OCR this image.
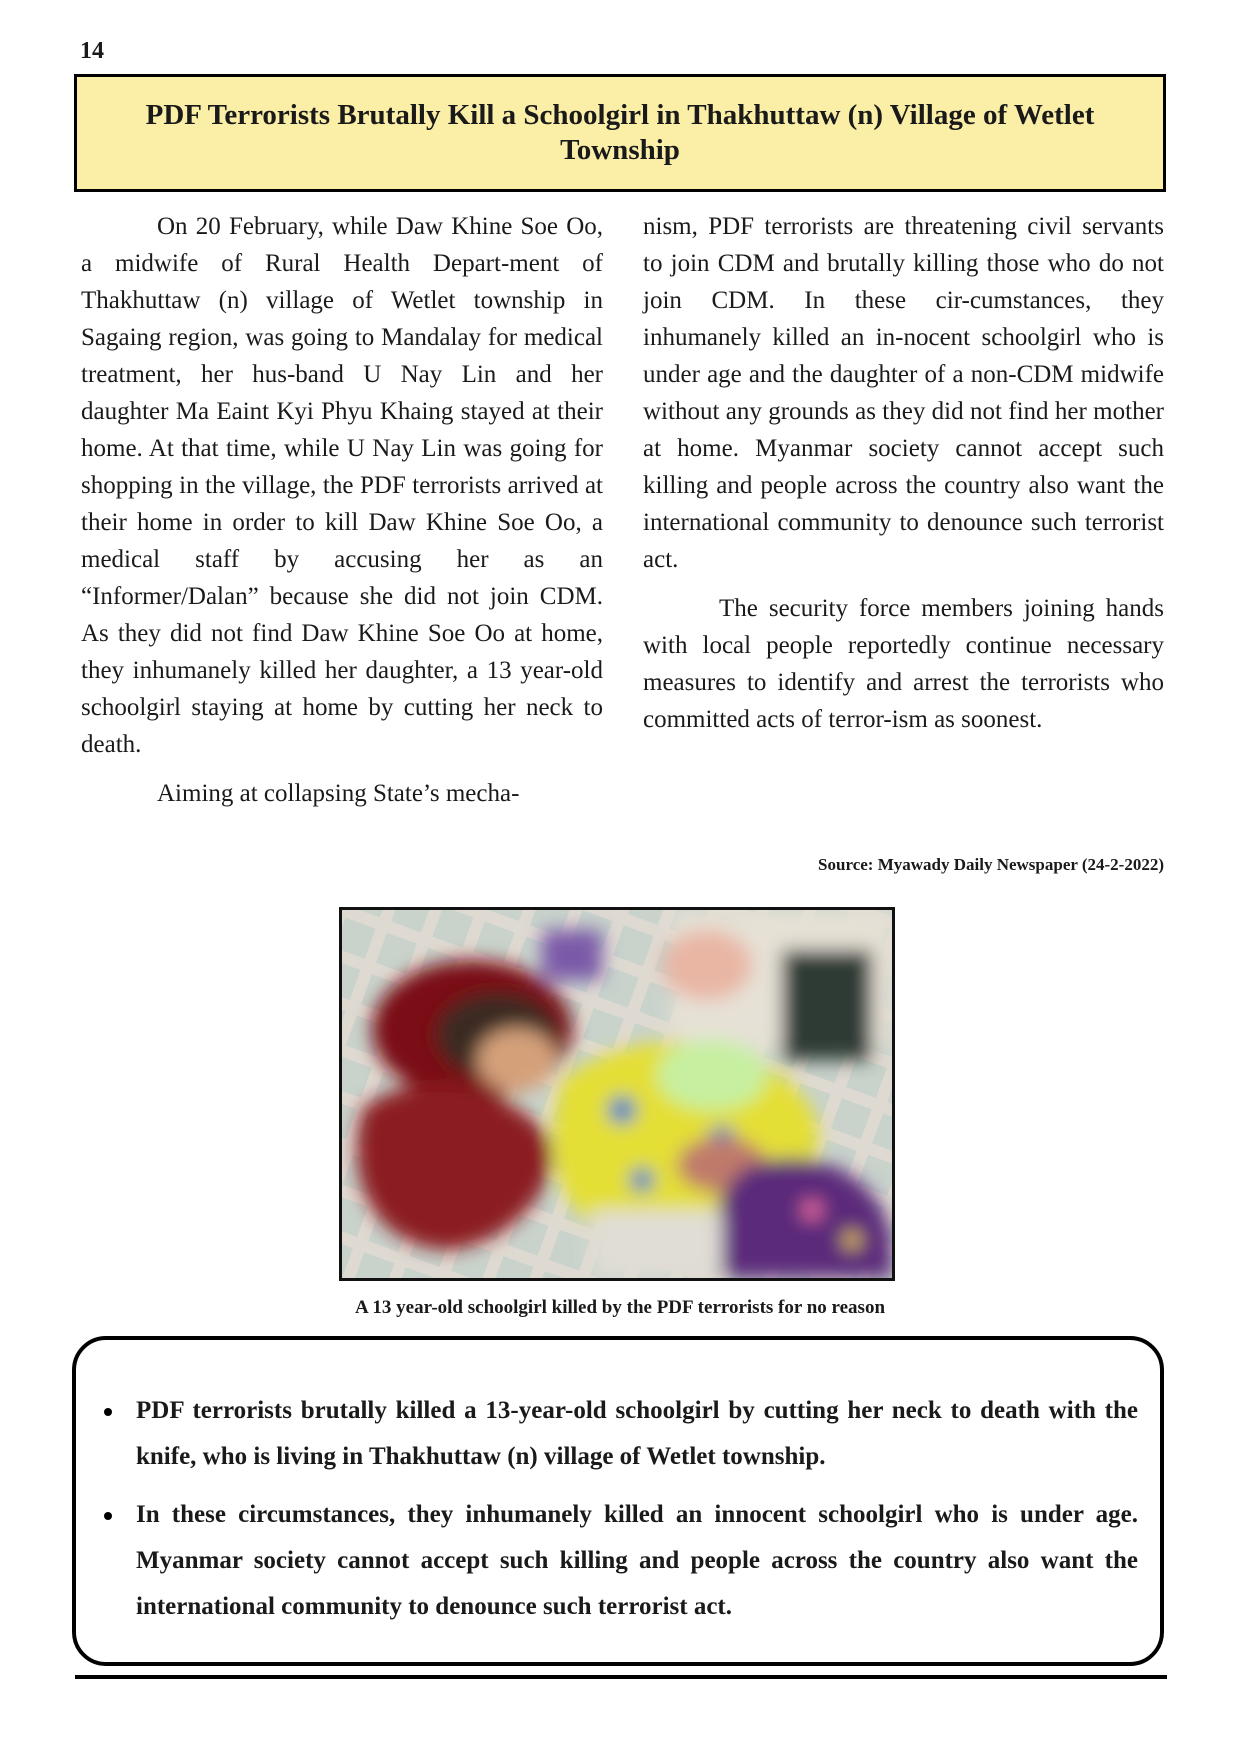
14
PDF Terrorists Brutally Kill a Schoolgirl in Thakhuttaw (n) Village of Wetlet Township

On 20 February, while Daw Khine Soe Oo, a midwife of Rural Health Depart-ment of Thakhuttaw (n) village of Wetlet township in Sagaing region, was going to Mandalay for medical treatment, her hus-band U Nay Lin and her daughter Ma Eaint Kyi Phyu Khaing stayed at their home. At that time, while U Nay Lin was going for shopping in the village, the PDF terrorists arrived at their home in order to kill Daw Khine Soe Oo, a medical staff by accusing her as an “Informer/Dalan” because she did not join CDM. As they did not find Daw Khine Soe Oo at home, they inhumanely killed her daughter, a 13 year-old schoolgirl staying at home by cutting her neck to death.

Aiming at collapsing State’s mecha-

nism, PDF terrorists are threatening civil servants to join CDM and brutally killing those who do not join CDM. In these cir-cumstances, they inhumanely killed an in-nocent schoolgirl who is under age and the daughter of a non-CDM midwife without any grounds as they did not find her mother at home. Myanmar society cannot accept such killing and people across the country also want the international community to denounce such terrorist act.

The security force members joining hands with local people reportedly continue necessary measures to identify and arrest the terrorists who committed acts of terror-ism as soonest.

Source: Myawady Daily Newspaper (24-2-2022)
A 13 year-old schoolgirl killed by the PDF terrorists for no reason
PDF terrorists brutally killed a 13-year-old schoolgirl by cutting her neck to death with the knife, who is living in Thakhuttaw (n) village of Wetlet township.
In these circumstances, they inhumanely killed an innocent schoolgirl who is under age. Myanmar society cannot accept such killing and people across the country also want the international community to denounce such terrorist act.
